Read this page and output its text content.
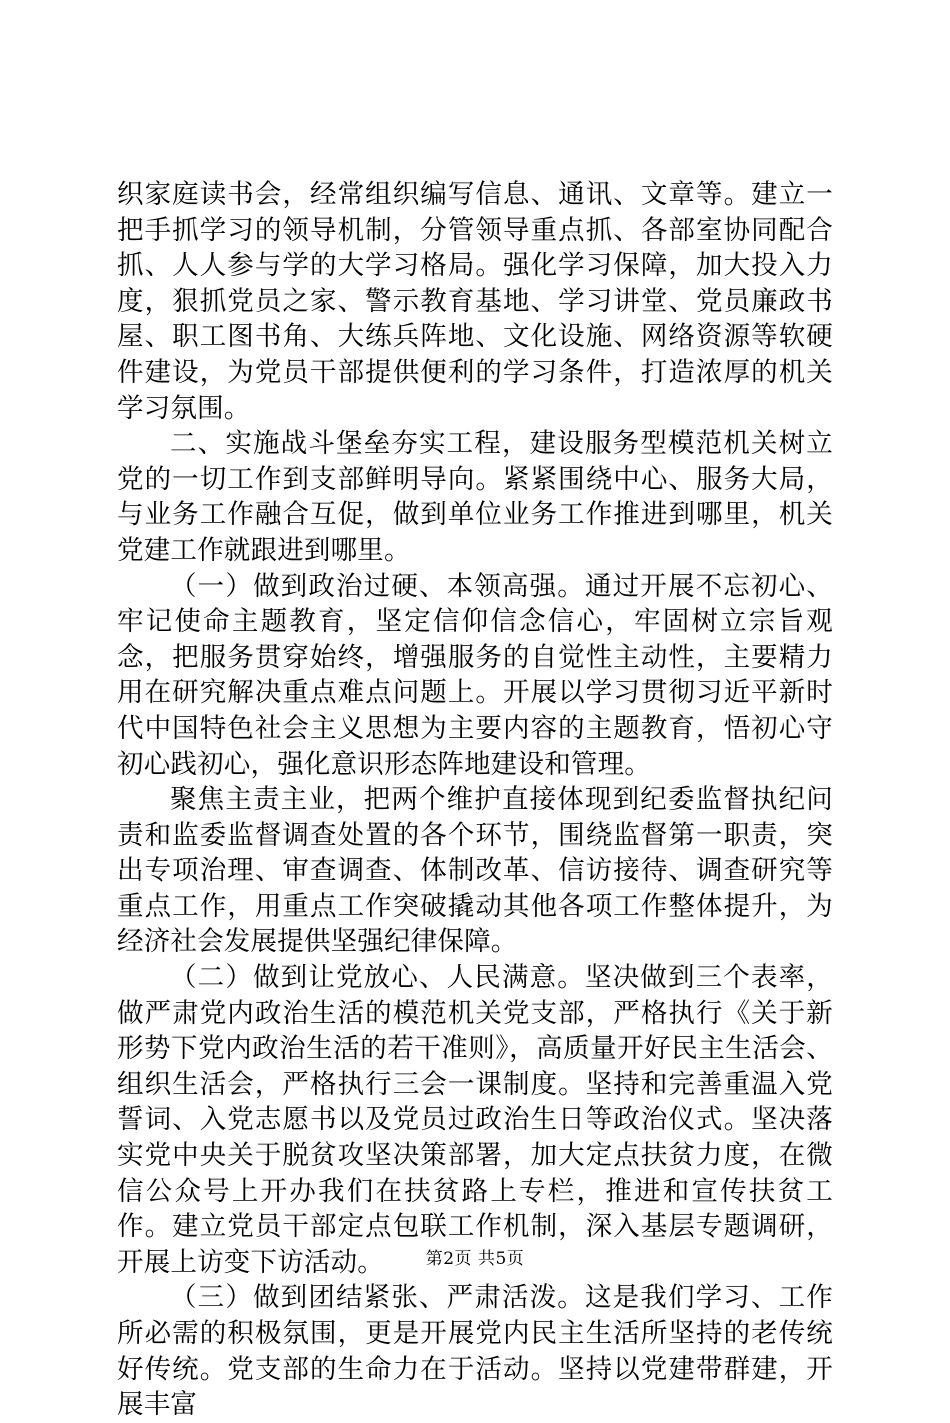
织家庭读书会，经常组织编写信息、通讯、文章等。建立一把手抓学习的领导机制，分管领导重点抓、各部室协同配合抓、人人参与学的大学习格局。强化学习保障，加大投入力度，狠抓党员之家、警示教育基地、学习讲堂、党员廉政书屋、职工图书角、大练兵阵地、文化设施、网络资源等软硬件建设，为党员干部提供便利的学习条件，打造浓厚的机关学习氛围。

二、实施战斗堡垒夯实工程，建设服务型模范机关树立党的一切工作到支部鲜明导向。紧紧围绕中心、服务大局，与业务工作融合互促，做到单位业务工作推进到哪里，机关党建工作就跟进到哪里。

（一）做到政治过硬、本领高强。通过开展不忘初心、牢记使命主题教育，坚定信仰信念信心，牢固树立宗旨观念，把服务贯穿始终，增强服务的自觉性主动性，主要精力用在研究解决重点难点问题上。开展以学习贯彻习近平新时代中国特色社会主义思想为主要内容的主题教育，悟初心守初心践初心，强化意识形态阵地建设和管理。

聚焦主责主业，把两个维护直接体现到纪委监督执纪问责和监委监督调查处置的各个环节，围绕监督第一职责，突出专项治理、审查调查、体制改革、信访接待、调查研究等重点工作，用重点工作突破撬动其他各项工作整体提升，为经济社会发展提供坚强纪律保障。

（二）做到让党放心、人民满意。坚决做到三个表率，做严肃党内政治生活的模范机关党支部，严格执行《关于新形势下党内政治生活的若干准则》，高质量开好民主生活会、组织生活会，严格执行三会一课制度。坚持和完善重温入党誓词、入党志愿书以及党员过政治生日等政治仪式。坚决落实党中央关于脱贫攻坚决策部署，加大定点扶贫力度，在微信公众号上开办我们在扶贫路上专栏，推进和宣传扶贫工作。建立党员干部定点包联工作机制，深入基层专题调研，开展上访变下访活动。

（三）做到团结紧张、严肃活泼。这是我们学习、工作所必需的积极氛围，更是开展党内民主生活所坚持的老传统好传统。党支部的生命力在于活动。坚持以党建带群建，开展丰富

第2页 共5页
